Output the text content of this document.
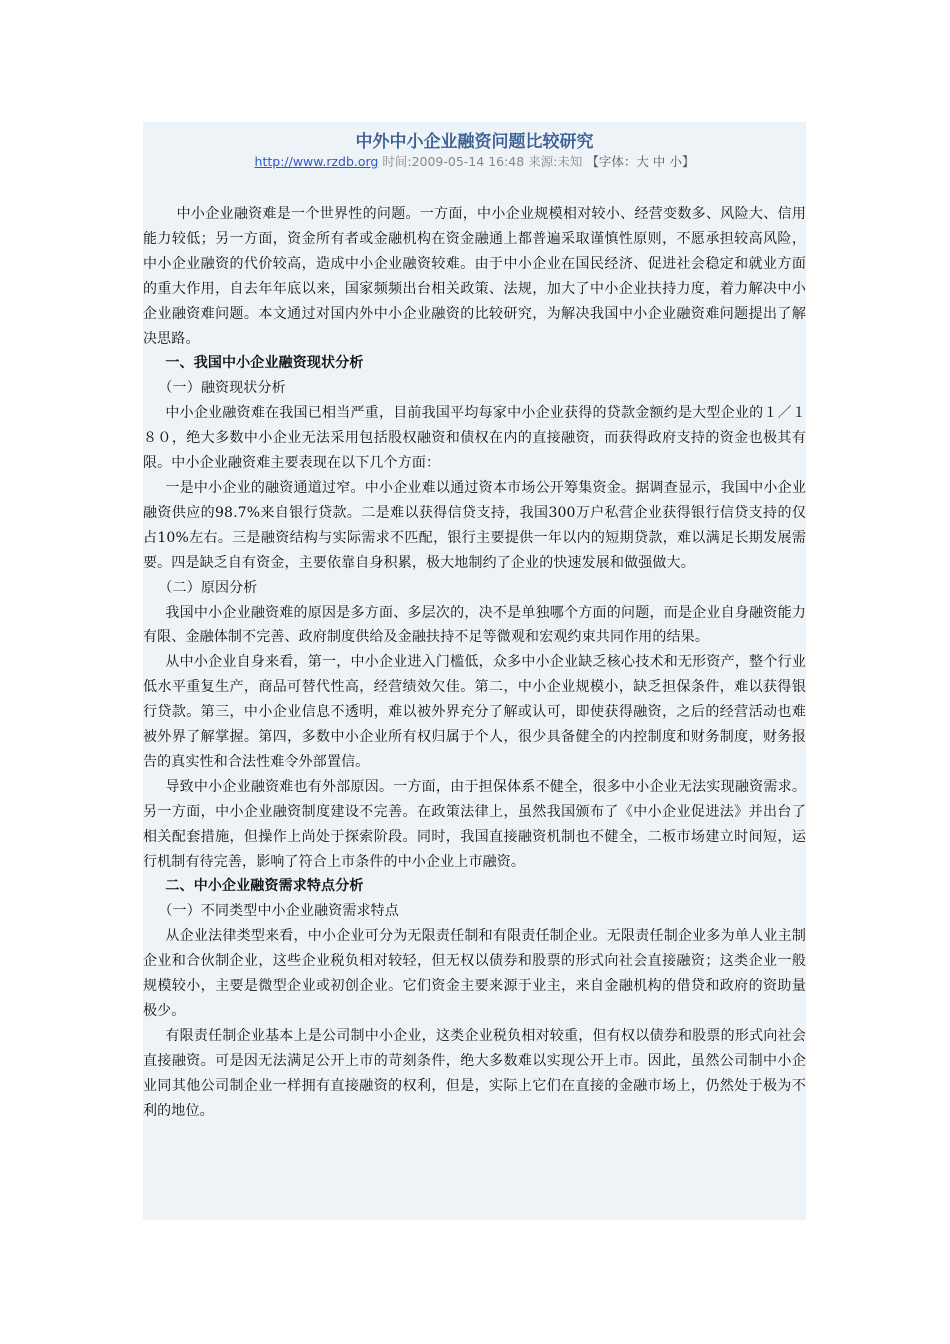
中外中小企业融资问题比较研究
http://www.rzdb.org 时间:2009-05-14 16:48 来源:未知 【字体：大 中 小】

中小企业融资难是一个世界性的问题。一方面，中小企业规模相对较小、经营变数多、风险大、信用能力较低；另一方面，资金所有者或金融机构在资金融通上都普遍采取谨慎性原则，不愿承担较高风险，中小企业融资的代价较高，造成中小企业融资较难。由于中小企业在国民经济、促进社会稳定和就业方面的重大作用，自去年年底以来，国家频频出台相关政策、法规，加大了中小企业扶持力度，着力解决中小企业融资难问题。本文通过对国内外中小企业融资的比较研究，为解决我国中小企业融资难问题提出了解决思路。

一、我国中小企业融资现状分析

（一）融资现状分析

中小企业融资难在我国已相当严重，目前我国平均每家中小企业获得的贷款金额约是大型企业的１／１８０，绝大多数中小企业无法采用包括股权融资和债权在内的直接融资，而获得政府支持的资金也极其有限。中小企业融资难主要表现在以下几个方面：

一是中小企业的融资通道过窄。中小企业难以通过资本市场公开筹集资金。据调查显示，我国中小企业融资供应的98.7%来自银行贷款。二是难以获得信贷支持，我国300万户私营企业获得银行信贷支持的仅占10%左右。三是融资结构与实际需求不匹配，银行主要提供一年以内的短期贷款，难以满足长期发展需要。四是缺乏自有资金，主要依靠自身积累，极大地制约了企业的快速发展和做强做大。

（二）原因分析

我国中小企业融资难的原因是多方面、多层次的，决不是单独哪个方面的问题，而是企业自身融资能力有限、金融体制不完善、政府制度供给及金融扶持不足等微观和宏观约束共同作用的结果。

从中小企业自身来看，第一，中小企业进入门槛低，众多中小企业缺乏核心技术和无形资产，整个行业低水平重复生产，商品可替代性高，经营绩效欠佳。第二，中小企业规模小，缺乏担保条件，难以获得银行贷款。第三，中小企业信息不透明，难以被外界充分了解或认可，即使获得融资，之后的经营活动也难被外界了解掌握。第四，多数中小企业所有权归属于个人，很少具备健全的内控制度和财务制度，财务报告的真实性和合法性难令外部置信。

导致中小企业融资难也有外部原因。一方面，由于担保体系不健全，很多中小企业无法实现融资需求。另一方面，中小企业融资制度建设不完善。在政策法律上，虽然我国颁布了《中小企业促进法》并出台了相关配套措施，但操作上尚处于探索阶段。同时，我国直接融资机制也不健全，二板市场建立时间短，运行机制有待完善，影响了符合上市条件的中小企业上市融资。

二、中小企业融资需求特点分析

（一）不同类型中小企业融资需求特点

从企业法律类型来看，中小企业可分为无限责任制和有限责任制企业。无限责任制企业多为单人业主制企业和合伙制企业，这些企业税负相对较轻，但无权以债券和股票的形式向社会直接融资；这类企业一般规模较小，主要是微型企业或初创企业。它们资金主要来源于业主，来自金融机构的借贷和政府的资助量极少。

有限责任制企业基本上是公司制中小企业，这类企业税负相对较重，但有权以债券和股票的形式向社会直接融资。可是因无法满足公开上市的苛刻条件，绝大多数难以实现公开上市。因此，虽然公司制中小企业同其他公司制企业一样拥有直接融资的权利，但是，实际上它们在直接的金融市场上，仍然处于极为不利的地位。
